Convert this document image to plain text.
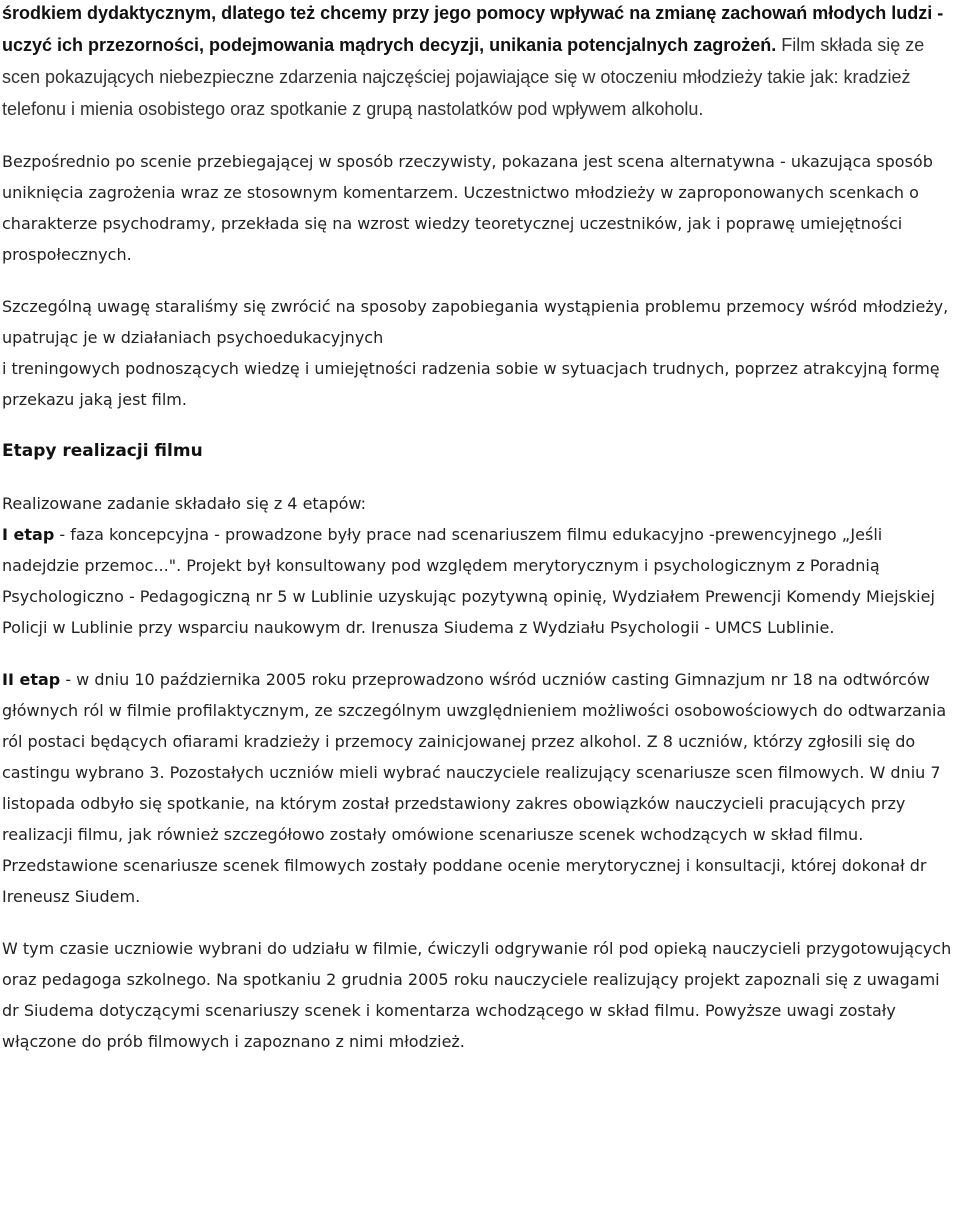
środkiem dydaktycznym, dlatego też chcemy przy jego pomocy wpływać na zmianę zachowań młodych ludzi - uczyć ich przezorności, podejmowania mądrych decyzji, unikania potencjalnych zagrożeń. Film składa się ze scen pokazujących niebezpieczne zdarzenia najczęściej pojawiające się w otoczeniu młodzieży takie jak: kradzież telefonu i mienia osobistego oraz spotkanie z grupą nastolatków pod wpływem alkoholu.

Bezpośrednio po scenie przebiegającej w sposób rzeczywisty, pokazana jest scena alternatywna - ukazująca sposób uniknięcia zagrożenia wraz ze stosownym komentarzem. Uczestnictwo młodzieży w zaproponowanych scenkach o charakterze psychodramy, przekłada się na wzrost wiedzy teoretycznej uczestników, jak i poprawę umiejętności prospołecznych.

Szczególną uwagę staraliśmy się zwrócić na sposoby zapobiegania wystąpienia problemu przemocy wśród młodzieży, upatrując je w działaniach psychoedukacyjnych
i treningowych podnoszących wiedzę i umiejętności radzenia sobie w sytuacjach trudnych, poprzez atrakcyjną formę przekazu jaką jest film.

Etapy realizacji filmu

Realizowane zadanie składało się z 4 etapów:

I etap - faza koncepcyjna - prowadzone były prace nad scenariuszem filmu edukacyjno -prewencyjnego „Jeśli nadejdzie przemoc...". Projekt był konsultowany pod względem merytorycznym i psychologicznym z Poradnią Psychologiczno - Pedagogiczną nr 5 w Lublinie uzyskując pozytywną opinię, Wydziałem Prewencji Komendy Miejskiej Policji w Lublinie przy wsparciu naukowym dr. Irenusza Siudema z Wydziału Psychologii - UMCS Lublinie.

II etap - w dniu 10 października 2005 roku przeprowadzono wśród uczniów casting Gimnazjum nr 18 na odtwórców głównych ról w filmie profilaktycznym, ze szczególnym uwzględnieniem możliwości osobowościowych do odtwarzania ról postaci będących ofiarami kradzieży i przemocy zainicjowanej przez alkohol. Z 8 uczniów, którzy zgłosili się do castingu wybrano 3. Pozostałych uczniów mieli wybrać nauczyciele realizujący scenariusze scen filmowych. W dniu 7 listopada odbyło się spotkanie, na którym został przedstawiony zakres obowiązków nauczycieli pracujących przy realizacji filmu, jak również szczegółowo zostały omówione scenariusze scenek wchodzących w skład filmu. Przedstawione scenariusze scenek filmowych zostały poddane ocenie merytorycznej i konsultacji, której dokonał dr Ireneusz Siudem.

W tym czasie uczniowie wybrani do udziału w filmie, ćwiczyli odgrywanie ról pod opieką nauczycieli przygotowujących oraz pedagoga szkolnego. Na spotkaniu 2 grudnia 2005 roku nauczyciele realizujący projekt zapoznali się z uwagami dr Siudema dotyczącymi scenariuszy scenek i komentarza wchodzącego w skład filmu. Powyższe uwagi zostały włączone do prób filmowych i zapoznano z nimi młodzież.
